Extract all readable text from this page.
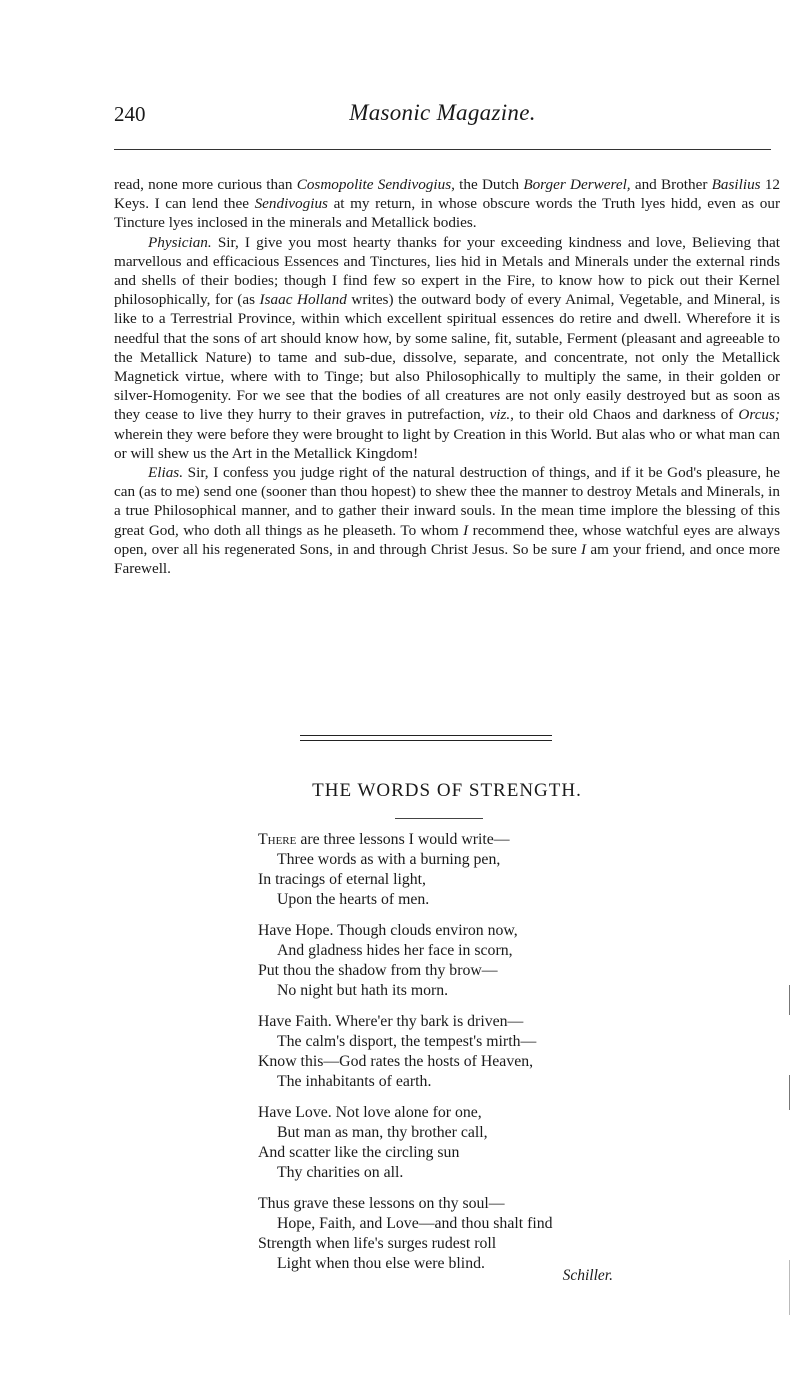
240	Masonic Magazine.

read, none more curious than Cosmopolite Sendivogius, the Dutch Borger Derwerel, and Brother Basilius 12 Keys. I can lend thee Sendivogius at my return, in whose obscure words the Truth lyes hidd, even as our Tincture lyes inclosed in the minerals and Metallick bodies.

Physician. Sir, I give you most hearty thanks for your exceeding kindness and love, Believing that marvellous and efficacious Essences and Tinctures, lies hid in Metals and Minerals under the external rinds and shells of their bodies; though I find few so expert in the Fire, to know how to pick out their Kernel philosophically, for (as Isaac Holland writes) the outward body of every Animal, Vegetable, and Mineral, is like to a Terrestrial Province, within which excellent spiritual essences do retire and dwell. Wherefore it is needful that the sons of art should know how, by some saline, fit, sutable, Ferment (pleasant and agreeable to the Metallick Nature) to tame and sub-due, dissolve, separate, and concentrate, not only the Metallick Magnetick virtue, where with to Tinge; but also Philosophically to multiply the same, in their golden or silver-Homogenity. For we see that the bodies of all creatures are not only easily destroyed but as soon as they cease to live they hurry to their graves in putrefaction, viz., to their old Chaos and darkness of Orcus; wherein they were before they were brought to light by Creation in this World. But alas who or what man can or will shew us the Art in the Metallick Kingdom!

Elias. Sir, I confess you judge right of the natural destruction of things, and if it be God's pleasure, he can (as to me) send one (sooner than thou hopest) to shew thee the manner to destroy Metals and Minerals, in a true Philosophical manner, and to gather their inward souls. In the mean time implore the blessing of this great God, who doth all things as he pleaseth. To whom I recommend thee, whose watchful eyes are always open, over all his regenerated Sons, in and through Christ Jesus. So be sure I am your friend, and once more Farewell.

THE WORDS OF STRENGTH.
There are three lessons I would write—
Three words as with a burning pen,
In tracings of eternal light,
Upon the hearts of men.
Have Hope. Though clouds environ now,
And gladness hides her face in scorn,
Put thou the shadow from thy brow—
No night but hath its morn.
Have Faith. Where'er thy bark is driven—
The calm's disport, the tempest's mirth—
Know this—God rates the hosts of Heaven,
The inhabitants of earth.
Have Love. Not love alone for one,
But man as man, thy brother call,
And scatter like the circling sun
Thy charities on all.
Thus grave these lessons on thy soul—
Hope, Faith, and Love—and thou shalt find
Strength when life's surges rudest roll
Light when thou else were blind.
Schiller.
